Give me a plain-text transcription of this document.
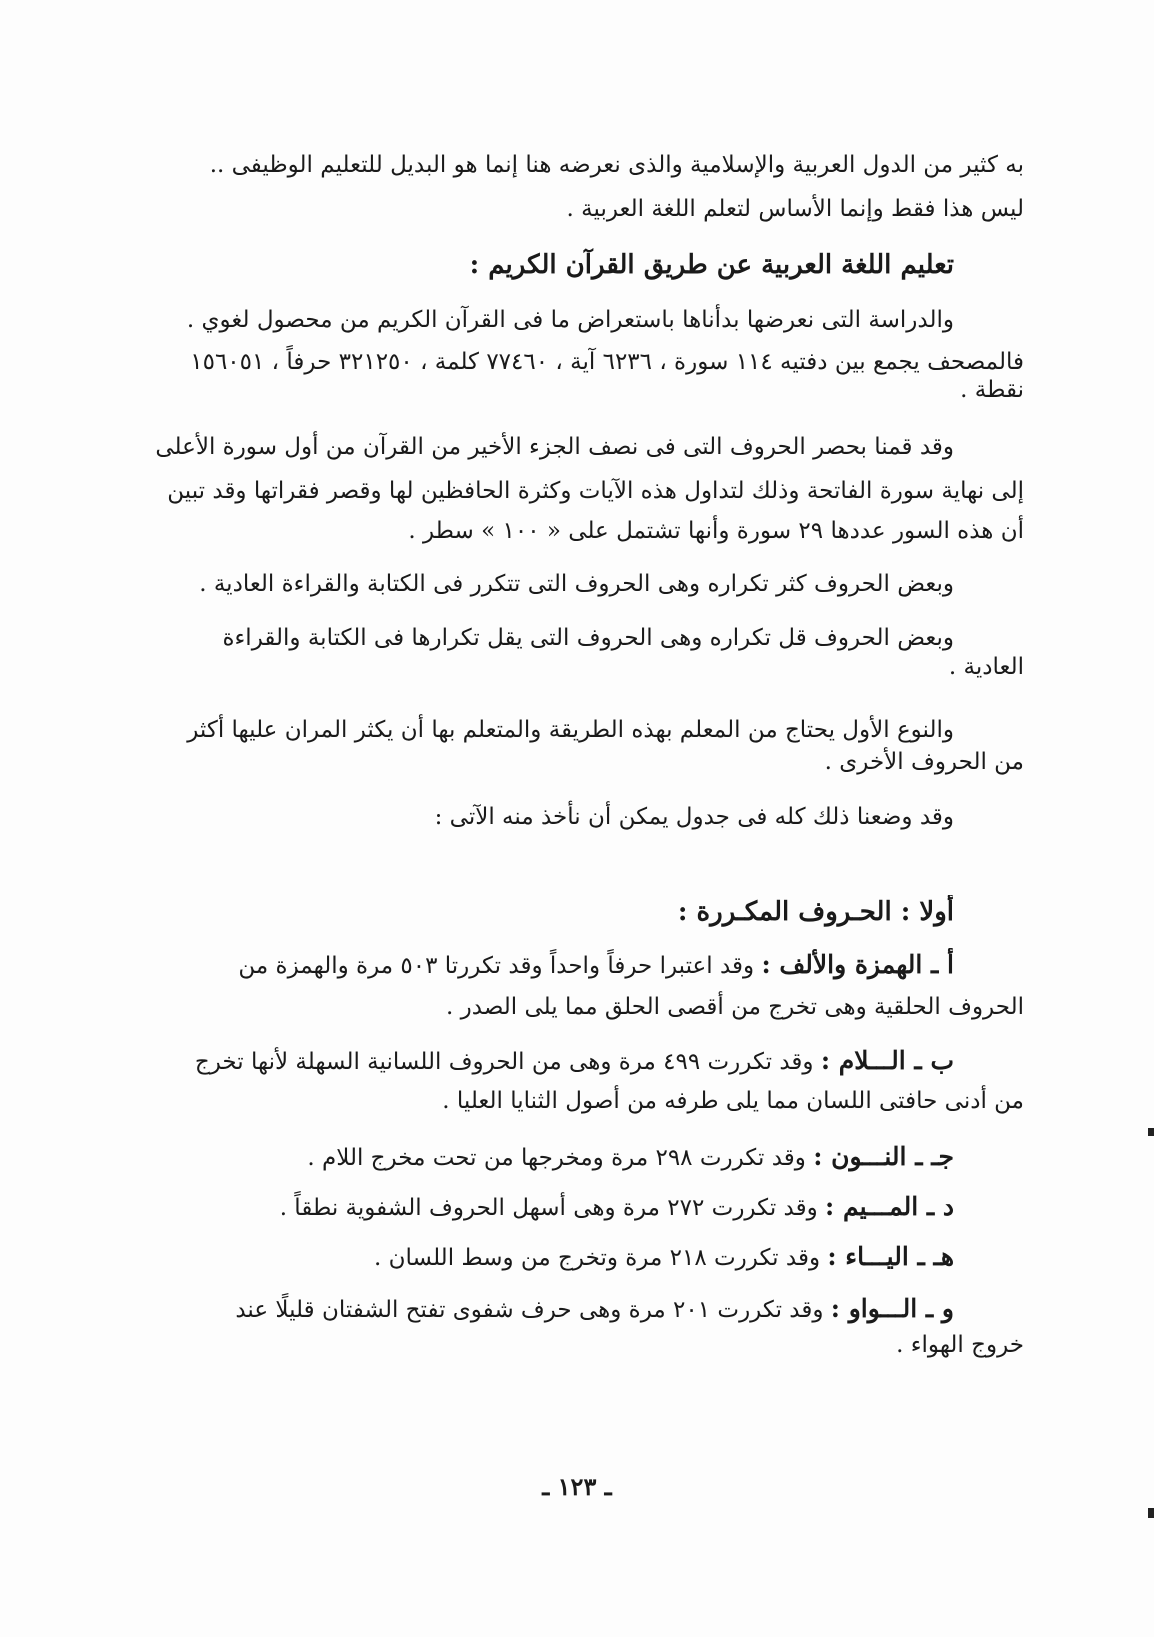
به كثير من الدول العربية والإسلامية والذى نعرضه هنا إنما هو البديل للتعليم الوظيفى ..
ليس هذا فقط وإنما الأساس لتعلم اللغة العربية .
تعليم اللغة العربية عن طريق القرآن الكريم :
والدراسة التى نعرضها بدأناها باستعراض ما فى القرآن الكريم من محصول لغوي .
فالمصحف يجمع بين دفتيه ١١٤ سورة ، ٦٢٣٦ آية ، ٧٧٤٦٠ كلمة ، ٣٢١٢٥٠ حرفاً ، ١٥٦٠٥١
نقطة .
وقد قمنا بحصر الحروف التى فى نصف الجزء الأخير من القرآن من أول سورة الأعلى
إلى نهاية سورة الفاتحة وذلك لتداول هذه الآيات وكثرة الحافظين لها وقصر فقراتها وقد تبين
أن هذه السور عددها ٢٩ سورة وأنها تشتمل على « ١٠٠ » سطر .
وبعض الحروف كثر تكراره وهى الحروف التى تتكرر فى الكتابة والقراءة العادية .
وبعض الحروف قل تكراره وهى الحروف التى يقل تكرارها فى الكتابة والقراءة
العادية .
والنوع الأول يحتاج من المعلم بهذه الطريقة والمتعلم بها أن يكثر المران عليها أكثر
من الحروف الأخرى .
وقد وضعنا ذلك كله فى جدول يمكن أن نأخذ منه الآتى :
أولا : الحـروف المكـررة :
أ ـ الهمزة والألف : وقد اعتبرا حرفاً واحداً وقد تكررتا ٥٠٣ مرة والهمزة من
الحروف الحلقية وهى تخرج من أقصى الحلق مما يلى الصدر .
ب ـ الـــلام : وقد تكررت ٤٩٩ مرة وهى من الحروف اللسانية السهلة لأنها تخرج
من أدنى حافتى اللسان مما يلى طرفه من أصول الثنايا العليا .
جـ ـ النـــون : وقد تكررت ٢٩٨ مرة ومخرجها من تحت مخرج اللام .
د ـ المـــيم : وقد تكررت ٢٧٢ مرة وهى أسهل الحروف الشفوية نطقاً .
هـ ـ اليـــاء : وقد تكررت ٢١٨ مرة وتخرج من وسط اللسان .
و ـ الـــواو : وقد تكررت ٢٠١ مرة وهى حرف شفوى تفتح الشفتان قليلًا عند
خروج الهواء .
ـ ١٢٣ ـ
